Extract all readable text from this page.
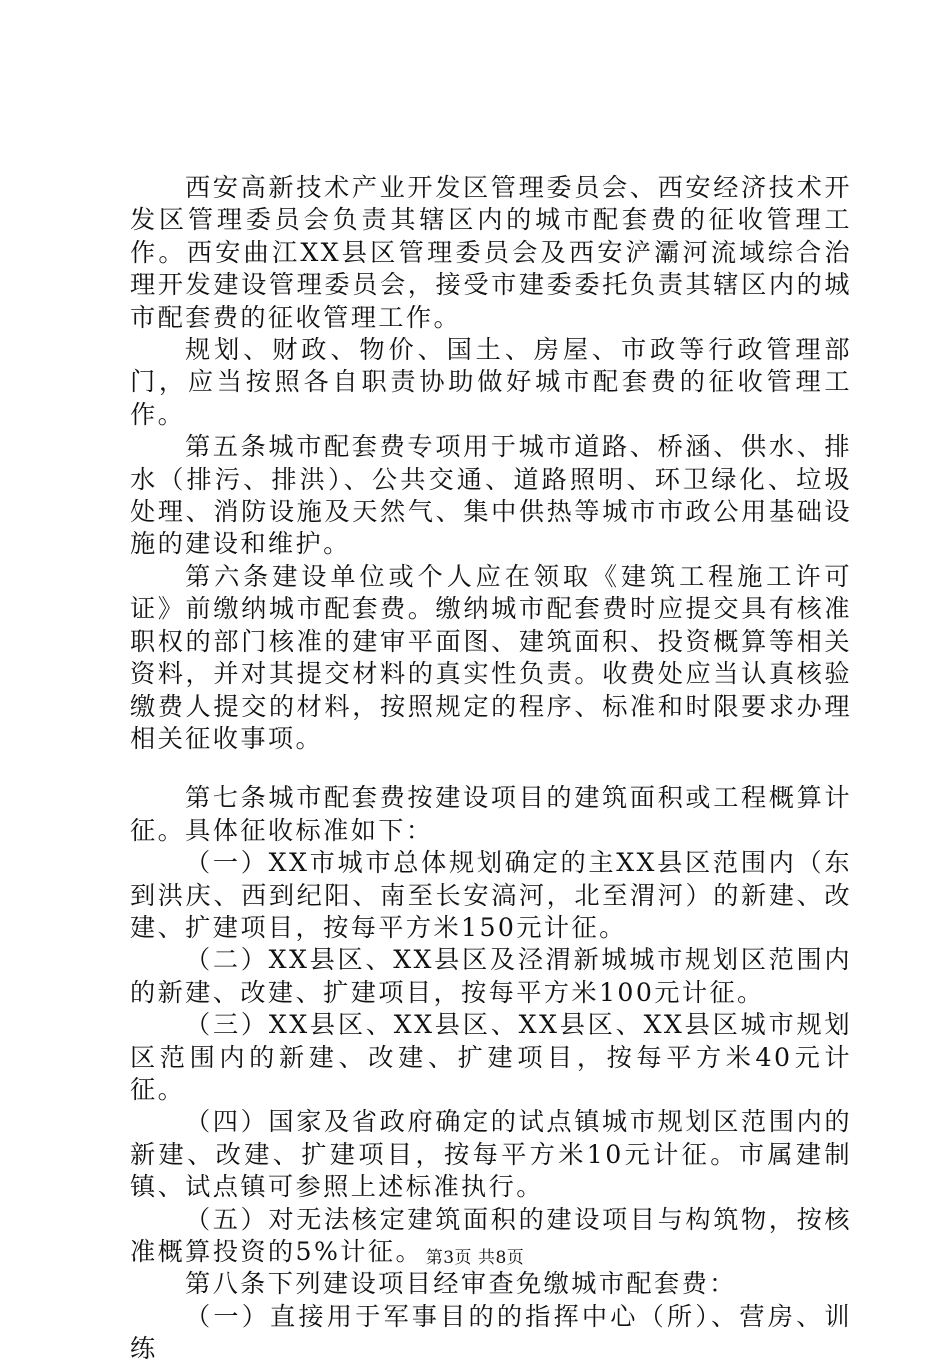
西安高新技术产业开发区管理委员会、西安经济技术开发区管理委员会负责其辖区内的城市配套费的征收管理工作。西安曲江XX县区管理委员会及西安浐灞河流域综合治理开发建设管理委员会，接受市建委委托负责其辖区内的城市配套费的征收管理工作。

规划、财政、物价、国土、房屋、市政等行政管理部门，应当按照各自职责协助做好城市配套费的征收管理工作。

第五条城市配套费专项用于城市道路、桥涵、供水、排水（排污、排洪）、公共交通、道路照明、环卫绿化、垃圾处理、消防设施及天然气、集中供热等城市市政公用基础设施的建设和维护。

第六条建设单位或个人应在领取《建筑工程施工许可证》前缴纳城市配套费。缴纳城市配套费时应提交具有核准职权的部门核准的建审平面图、建筑面积、投资概算等相关资料，并对其提交材料的真实性负责。收费处应当认真核验缴费人提交的材料，按照规定的程序、标准和时限要求办理相关征收事项。

第七条城市配套费按建设项目的建筑面积或工程概算计征。具体征收标准如下：

（一）XX市城市总体规划确定的主XX县区范围内（东到洪庆、西到纪阳、南至长安滈河，北至渭河）的新建、改建、扩建项目，按每平方米150元计征。

（二）XX县区、XX县区及泾渭新城城市规划区范围内的新建、改建、扩建项目，按每平方米100元计征。

（三）XX县区、XX县区、XX县区、XX县区城市规划区范围内的新建、改建、扩建项目，按每平方米40元计征。

（四）国家及省政府确定的试点镇城市规划区范围内的新建、改建、扩建项目，按每平方米10元计征。市属建制镇、试点镇可参照上述标准执行。

（五）对无法核定建筑面积的建设项目与构筑物，按核准概算投资的5%计征。

第八条下列建设项目经审查免缴城市配套费：

（一）直接用于军事目的的指挥中心（所）、营房、训练

第3页 共8页
